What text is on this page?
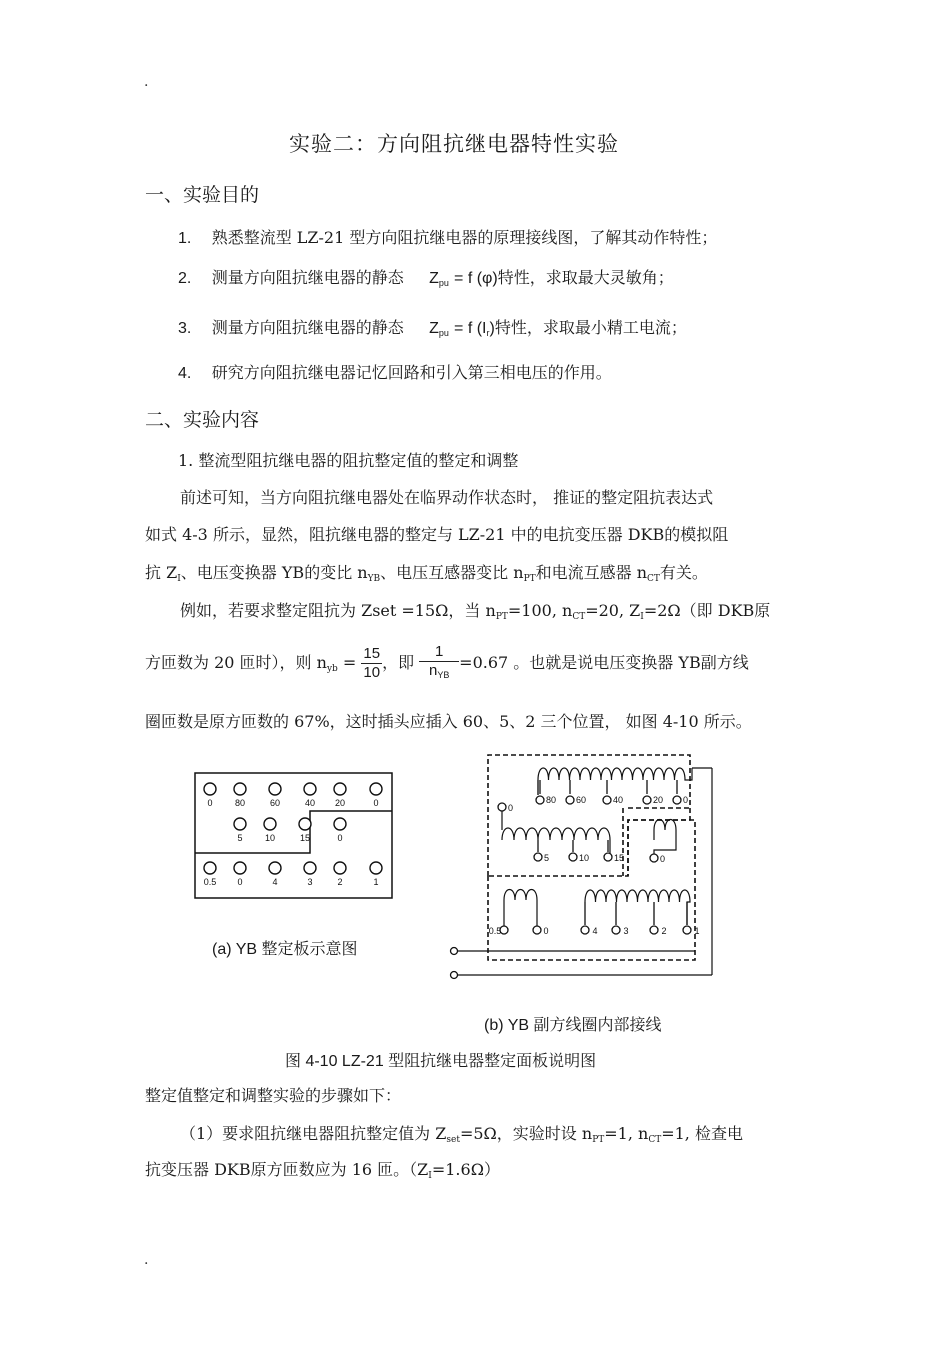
.
.
实验二：方向阻抗继电器特性实验
一、实验目的
1. 熟悉整流型 LZ-21 型方向阻抗继电器的原理接线图，了解其动作特性；
2. 测量方向阻抗继电器的静态 $Z_{pu} = f$ (φ)特性，求取最大灵敏角；
3. 测量方向阻抗继电器的静态 $Z_{pu} = f$ $(I_r)$特性，求取最小精工电流；
4. 研究方向阻抗继电器记忆回路和引入第三相电压的作用。
二、实验内容
1. 整流型阻抗继电器的阻抗整定值的整定和调整
前述可知，当方向阻抗继电器处在临界动作状态时， 推证的整定阻抗表达式
如式 4-3 所示，显然，阻抗继电器的整定与 LZ-21 中的电抗变压器 DKB的模拟阻
抗 $Z_I$、电压变换器 YB的变比 $n_{YB}$、电压互感器变比 $n_{PT}$和电流互感器 $n_{CT}$有关。
例如，若要求整定阻抗为 Zset =15Ω，当 $n_{PT}=100$, $n_{CT}=20$, $Z_I=2\Omega$（即 DKB原
方匝数为 20 匝时），则 $n_{yb} = \frac{15}{10}$ ，即 $\frac{1}{n_{YB}} =0.67$ 。也就是说电压变换器 YB副方线
圈匝数是原方匝数的 67%，这时插头应插入 60、5、2 三个位置， 如图 4-10 所示。
0 80	60	40 20	0
5 10	15	0
0.5 0	4	3	2	1
(a) YB 整定板示意图
80 60	40	20 0
0
5	10	15	0
0.5	0	4	3	2	1
(b) YB 副方线圈内部接线
图 4-10 LZ-21 型阻抗继电器整定面板说明图
整定值整定和调整实验的步骤如下：
（1）要求阻抗继电器阻抗整定值为 $Z_{set}=5\Omega$，实验时设 $n_{PT}=1$, $n_{CT}=1$, 检查电
抗变压器 DKB原方匝数应为 16 匝。$(Z_I=1.6\Omega)$
